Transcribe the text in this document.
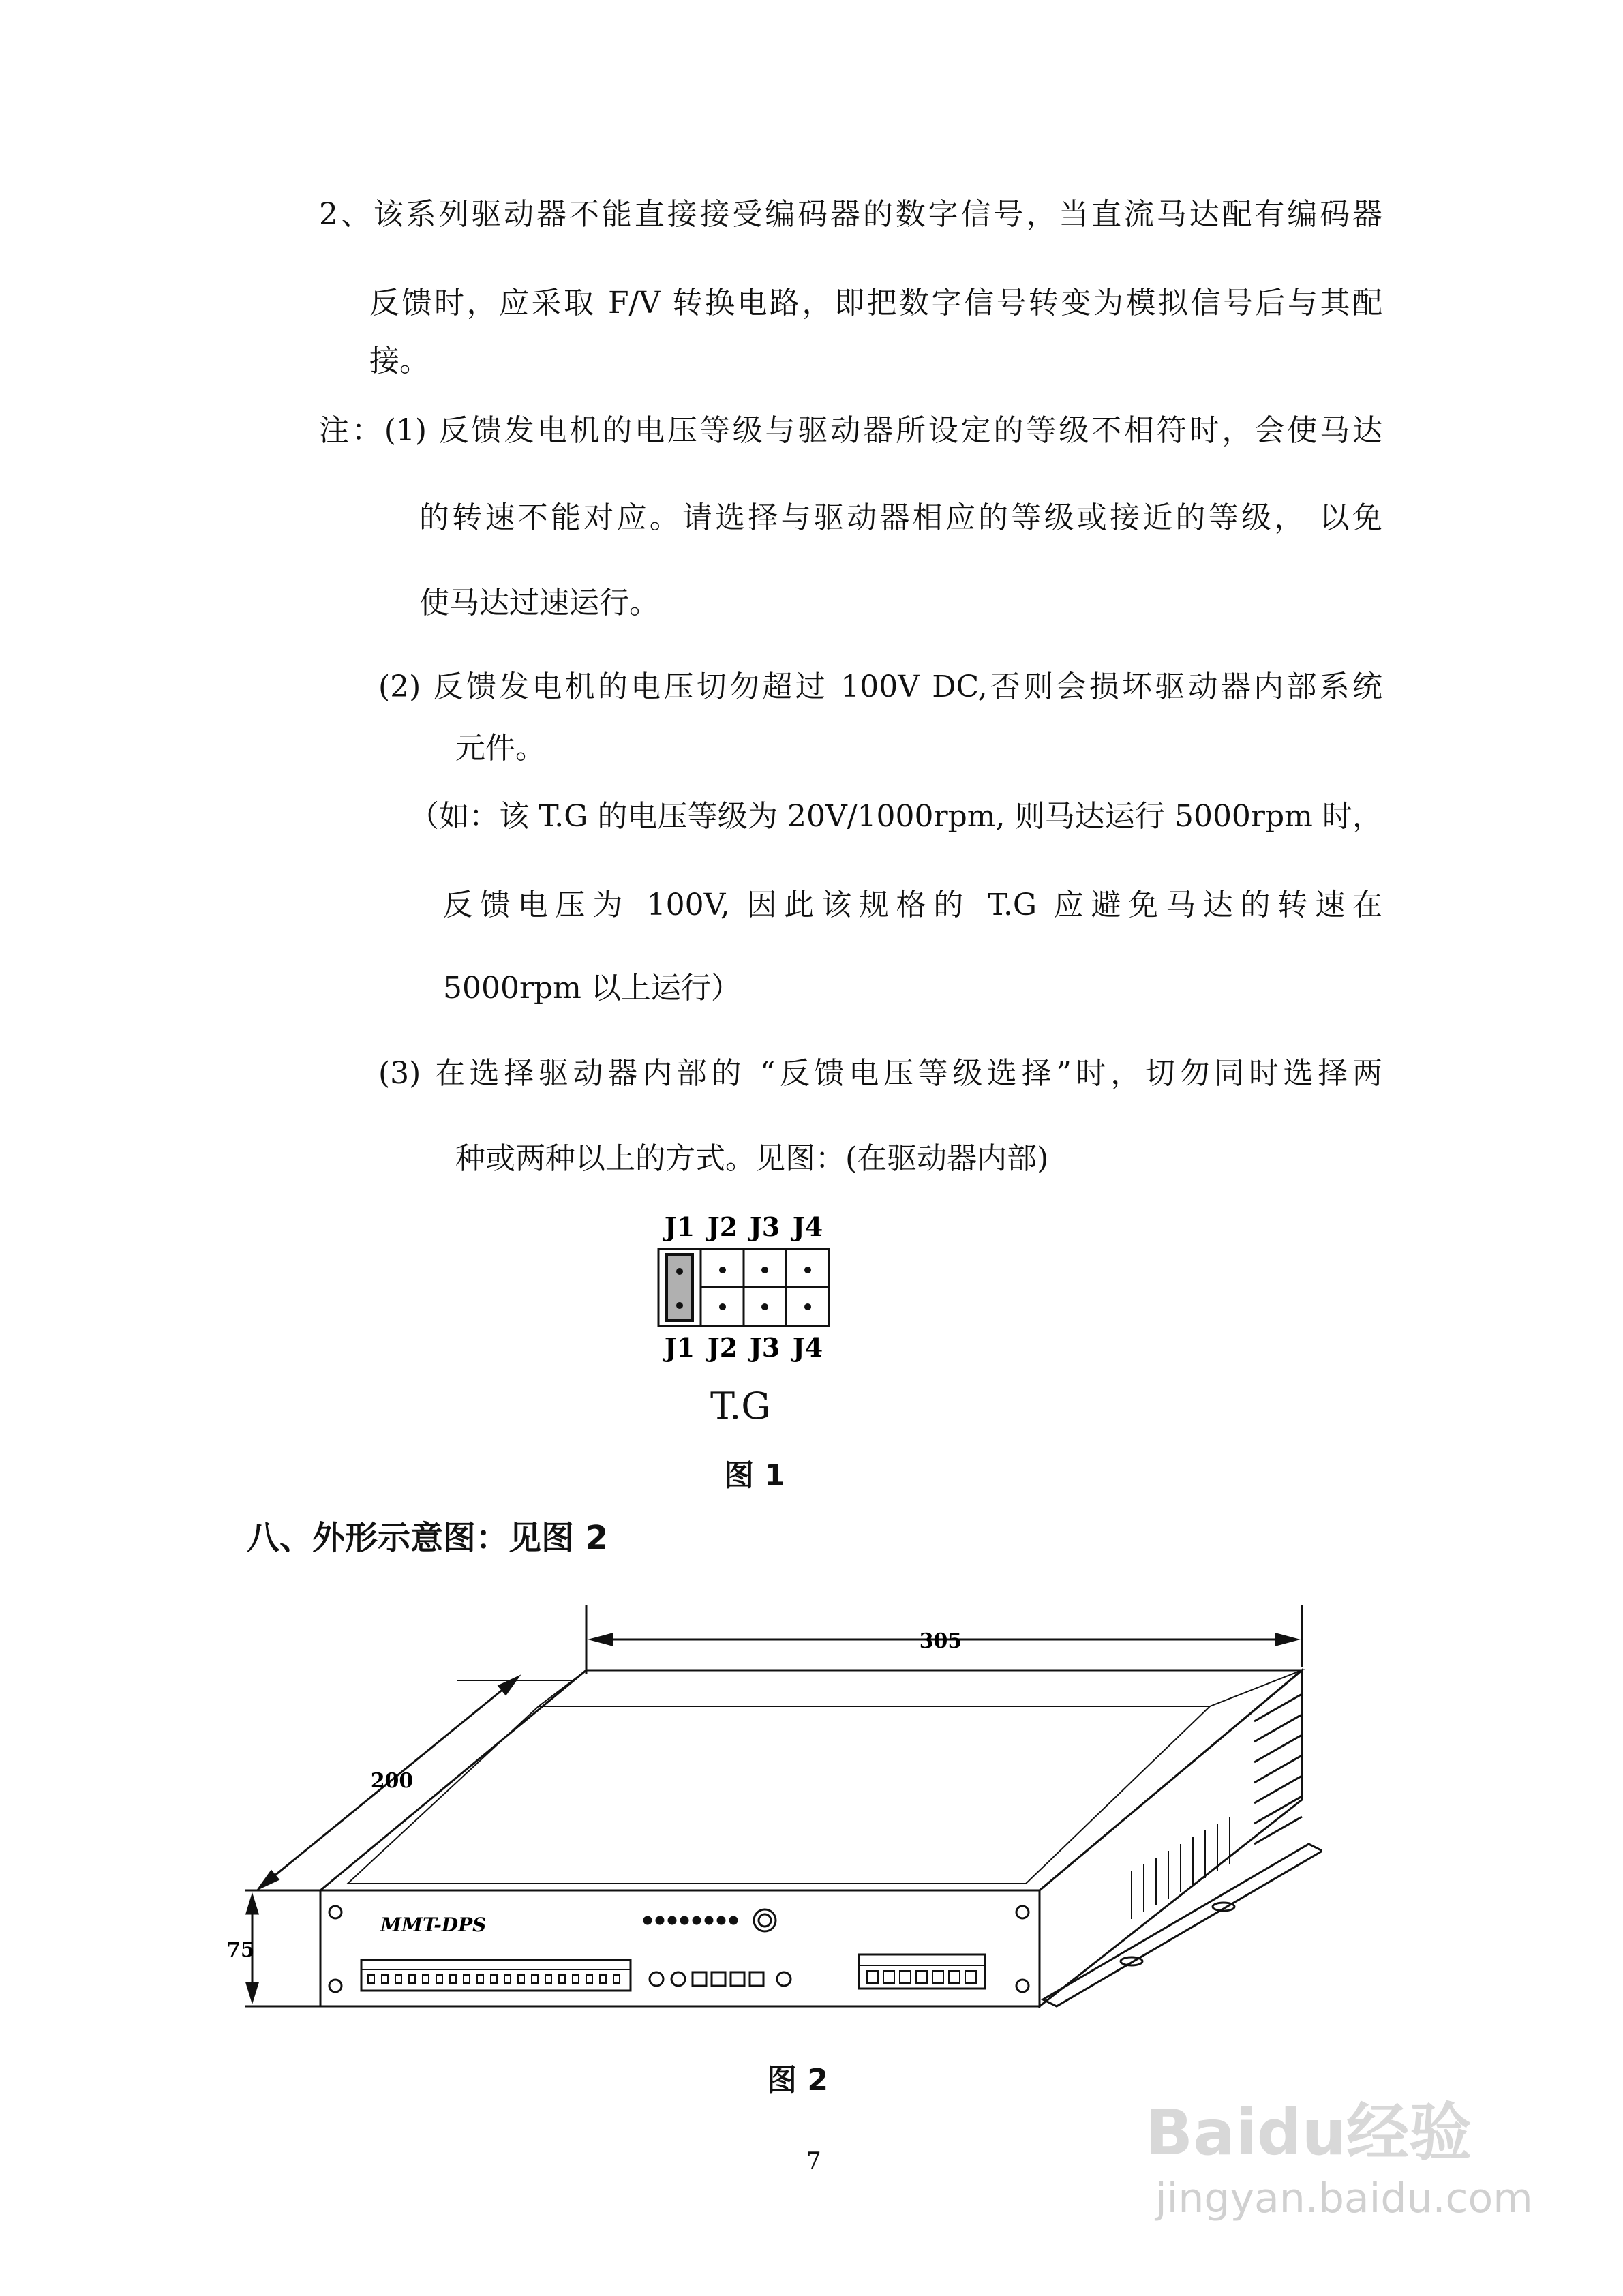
2、该系列驱动器不能直接接受编码器的数字信号，当直流马达配有编码器
反馈时，应采取 F/V 转换电路，即把数字信号转变为模拟信号后与其配
接。
注：(1) 反馈发电机的电压等级与驱动器所设定的等级不相符时，会使马达
的转速不能对应。请选择与驱动器相应的等级或接近的等级， 以免
使马达过速运行。
(2) 反馈发电机的电压切勿超过 100V DC,否则会损坏驱动器内部系统
元件。
（如：该 T.G 的电压等级为 20V/1000rpm, 则马达运行 5000rpm 时，
反馈电压为 100V, 因此该规格的 T.G 应避免马达的转速在
5000rpm 以上运行）
(3) 在选择驱动器内部的 “反馈电压等级选择”时，切勿同时选择两
种或两种以上的方式。见图：(在驱动器内部)
J1 J2 J3 J4
J1 J2 J3 J4
T.G
图 1
八、外形示意图：见图 2
305
200
75
MMT-DPS
图 2
7	Baidu经验
jingyan.baidu.com
